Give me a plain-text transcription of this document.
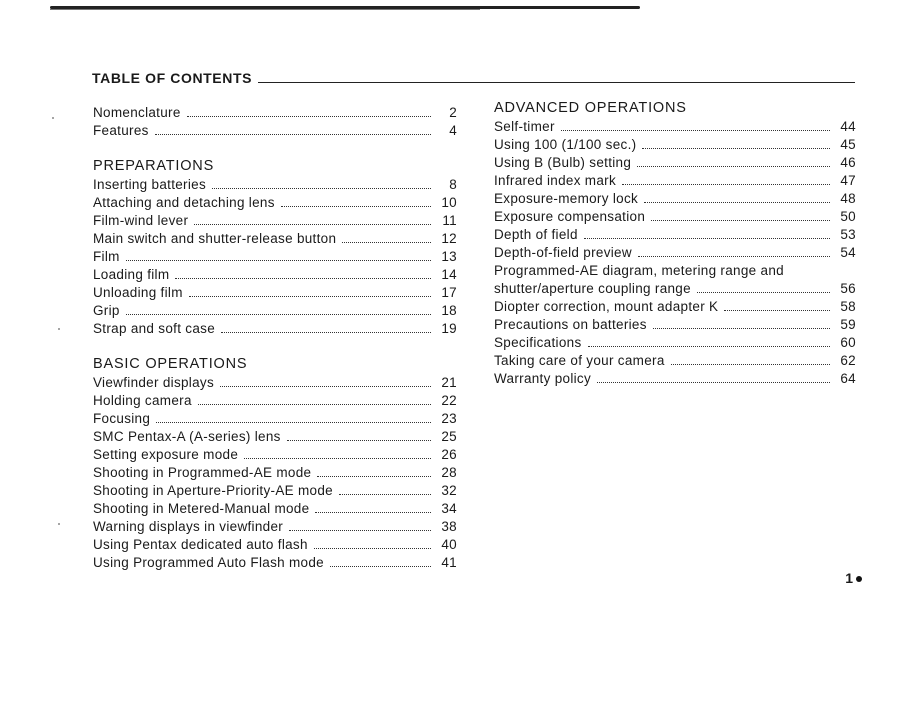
TABLE OF CONTENTS
Nomenclature	2
Features	4
PREPARATIONS
Inserting batteries	8
Attaching and detaching lens	10
Film-wind lever	11
Main switch and shutter-release button	12
Film	13
Loading film	14
Unloading film	17
Grip	18
Strap and soft case	19
BASIC OPERATIONS
Viewfinder displays	21
Holding camera	22
Focusing	23
SMC Pentax-A (A-series) lens	25
Setting exposure mode	26
Shooting in Programmed-AE mode	28
Shooting in Aperture-Priority-AE mode	32
Shooting in Metered-Manual mode	34
Warning displays in viewfinder	38
Using Pentax dedicated auto flash	40
Using Programmed Auto Flash mode	41
ADVANCED OPERATIONS
Self-timer	44
Using 100 (1/100 sec.)	45
Using B (Bulb) setting	46
Infrared index mark	47
Exposure-memory lock	48
Exposure compensation	50
Depth of field	53
Depth-of-field preview	54
Programmed-AE diagram, metering range and
shutter/aperture coupling range	56
Diopter correction, mount adapter K	58
Precautions on batteries	59
Specifications	60
Taking care of your camera	62
Warranty policy	64
1
